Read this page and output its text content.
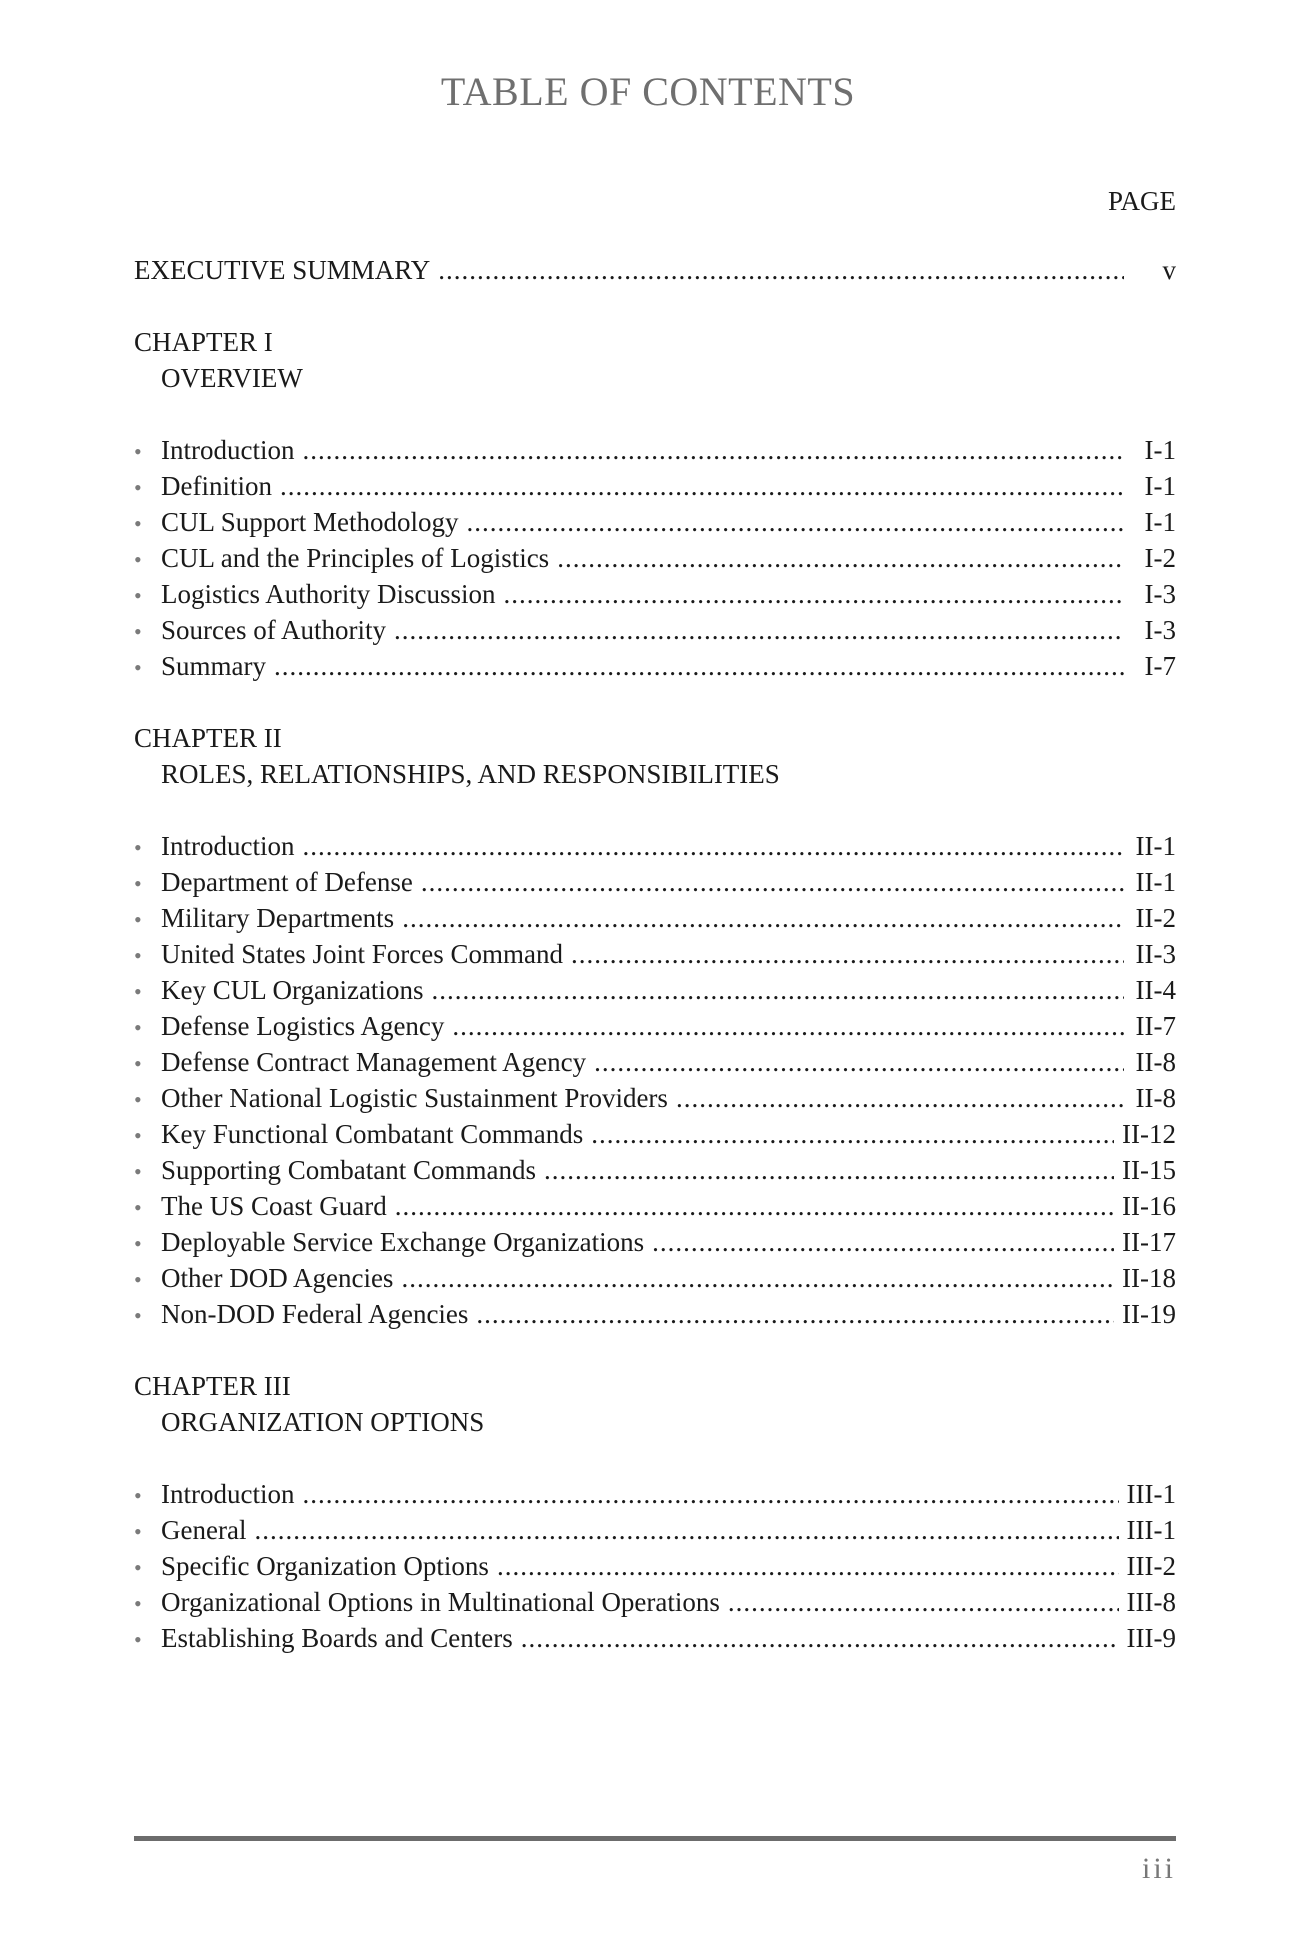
TABLE OF CONTENTS
PAGE
EXECUTIVE SUMMARY .....	v
CHAPTER I
OVERVIEW
• Introduction .....	I-1
• Definition .....	I-1
• CUL Support Methodology .....	I-1
• CUL and the Principles of Logistics .....	I-2
• Logistics Authority Discussion .....	I-3
• Sources of Authority .....	I-3
• Summary .....	I-7
CHAPTER II
ROLES, RELATIONSHIPS, AND RESPONSIBILITIES
• Introduction .....	II-1
• Department of Defense .....	II-1
• Military Departments .....	II-2
• United States Joint Forces Command .....	II-3
• Key CUL Organizations .....	II-4
• Defense Logistics Agency .....	II-7
• Defense Contract Management Agency .....	II-8
• Other National Logistic Sustainment Providers .....	II-8
• Key Functional Combatant Commands .....	II-12
• Supporting Combatant Commands .....	II-15
• The US Coast Guard .....	II-16
• Deployable Service Exchange Organizations .....	II-17
• Other DOD Agencies .....	II-18
• Non-DOD Federal Agencies .....	II-19
CHAPTER III
ORGANIZATION OPTIONS
• Introduction .....	III-1
• General .....	III-1
• Specific Organization Options .....	III-2
• Organizational Options in Multinational Operations .....	III-8
• Establishing Boards and Centers .....	III-9
iii
